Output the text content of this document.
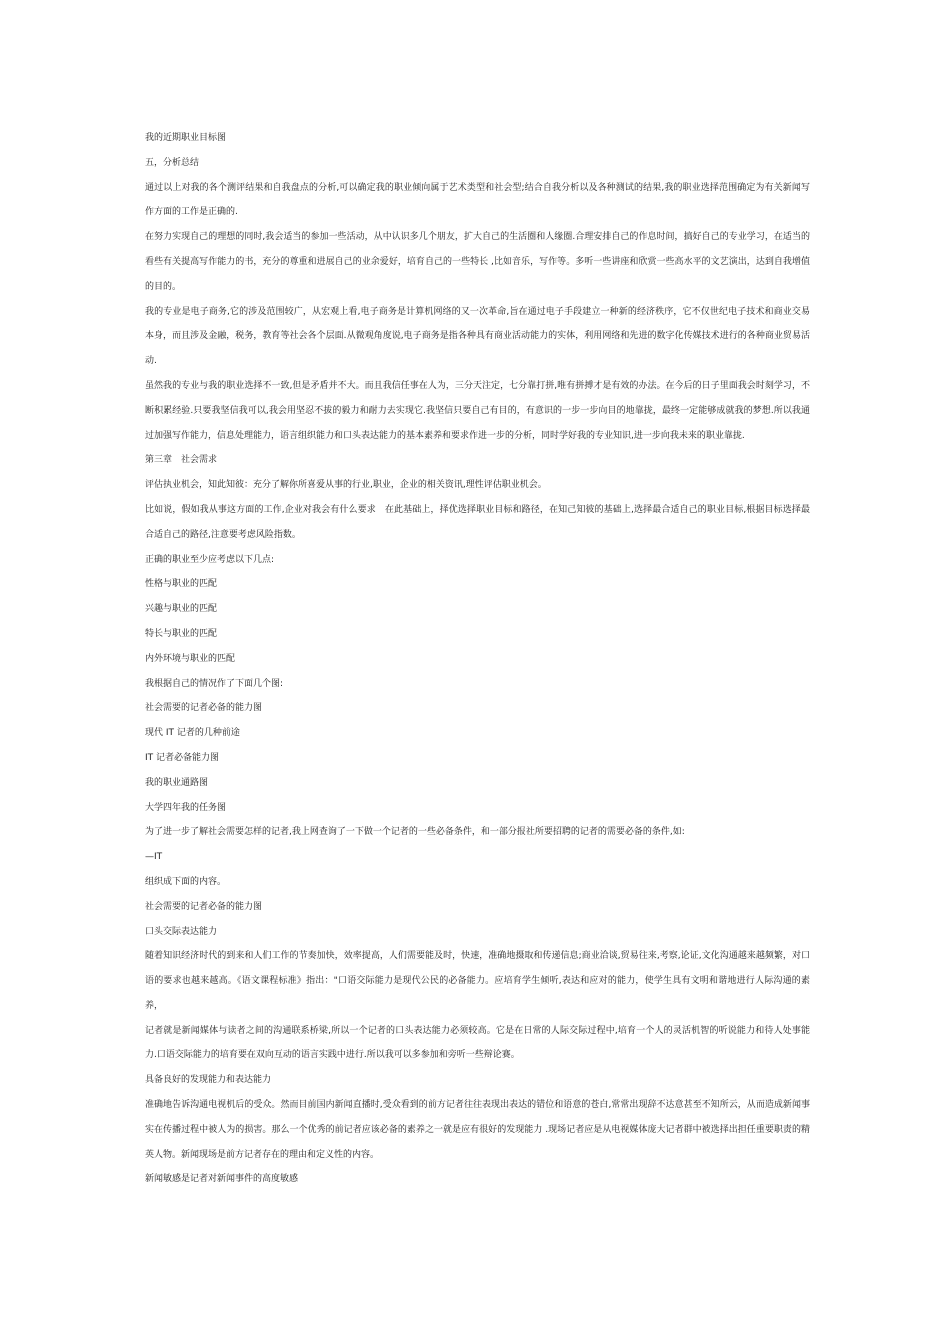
我的近期职业目标图

五，分析总结

通过以上对我的各个测评结果和自我盘点的分析,可以确定我的职业倾向属于艺术类型和社会型;结合自我分析以及各种测试的结果,我的职业选择范围确定为有关新闻写作方面的工作是正确的.

在努力实现自己的理想的同时,我会适当的参加一些活动，从中认识多几个朋友，扩大自己的生活圈和人缘圈.合理安排自己的作息时间，搞好自己的专业学习，在适当的看些有关提高写作能力的书，充分的尊重和进展自己的业余爱好，培育自己的一些特长 ,比如音乐，写作等。多听一些讲座和欣赏一些高水平的文艺演出，达到自我增值的目的。

我的专业是电子商务,它的涉及范围较广，从宏观上看,电子商务是计算机网络的又一次革命,旨在通过电子手段建立一种新的经济秩序，它不仅世纪电子技术和商业交易本身，而且涉及金融，税务，教育等社会各个层面.从微观角度说,电子商务是指各种具有商业活动能力的实体，利用网络和先进的数字化传媒技术进行的各种商业贸易活动.

虽然我的专业与我的职业选择不一致,但是矛盾并不大。而且我信任事在人为，三分天注定，七分靠打拼,唯有拼搏才是有效的办法。在今后的日子里面我会时刻学习，不断积累经验.只要我坚信我可以,我会用坚忍不拔的毅力和耐力去实现它.我坚信只要自己有目的，有意识的一步一步向目的地靠拢，最终一定能够成就我的梦想.所以我通过加强写作能力，信息处理能力，语言组织能力和口头表达能力的基本素养和要求作进一步的分析，同时学好我的专业知识,进一步向我未来的职业靠拢.

第三章　社会需求

评估执业机会，知此知彼：充分了解你所喜爱从事的行业,职业，企业的相关资讯,理性评估职业机会。

比如说，假如我从事这方面的工作,企业对我会有什么要求　在此基础上，择优选择职业目标和路径，在知己知彼的基础上,选择最合适自己的职业目标,根据目标选择最合适自己的路径,注意要考虑风险指数。

正确的职业至少应考虑以下几点:

性格与职业的匹配

兴趣与职业的匹配

特长与职业的匹配

内外环境与职业的匹配

我根据自己的情况作了下面几个图:

社会需要的记者必备的能力图

现代 IT 记者的几种前途

IT 记者必备能力图

我的职业通路图

大学四年我的任务图

为了进一步了解社会需要怎样的记者,我上网查询了一下做一个记者的一些必备条件，和一部分报社所要招聘的记者的需要必备的条件,如:

—IT

组织成下面的内容。

社会需要的记者必备的能力图

口头交际表达能力

随着知识经济时代的到来和人们工作的节奏加快，效率提高，人们需要能及时，快速，准确地摄取和传递信息;商业洽谈,贸易往来,考察,论证,文化沟通越来越频繁，对口语的要求也越来越高。《语文课程标准》指出："口语交际能力是现代公民的必备能力。应培育学生倾听,表达和应对的能力，使学生具有文明和谐地进行人际沟通的素养，

记者就是新闻媒体与读者之间的沟通联系桥梁,所以一个记者的口头表达能力必须较高。它是在日常的人际交际过程中,培育一个人的灵活机智的听说能力和待人处事能力.口语交际能力的培育要在双向互动的语言实践中进行.所以我可以多参加和旁听一些辩论赛。

具备良好的发现能力和表达能力

准确地告诉沟通电视机后的受众。然而目前国内新闻直播时,受众看到的前方记者往往表现出表达的错位和语意的苍白,常常出现辞不达意甚至不知所云，从而造成新闻事实在传播过程中被人为的损害。那么一个优秀的前记者应该必备的素养之一就是应有很好的发现能力 .现场记者应是从电视媒体庞大记者群中被选择出担任重要职责的精英人物。新闻现场是前方记者存在的理由和定义性的内容。

新闻敏感是记者对新闻事件的高度敏感
